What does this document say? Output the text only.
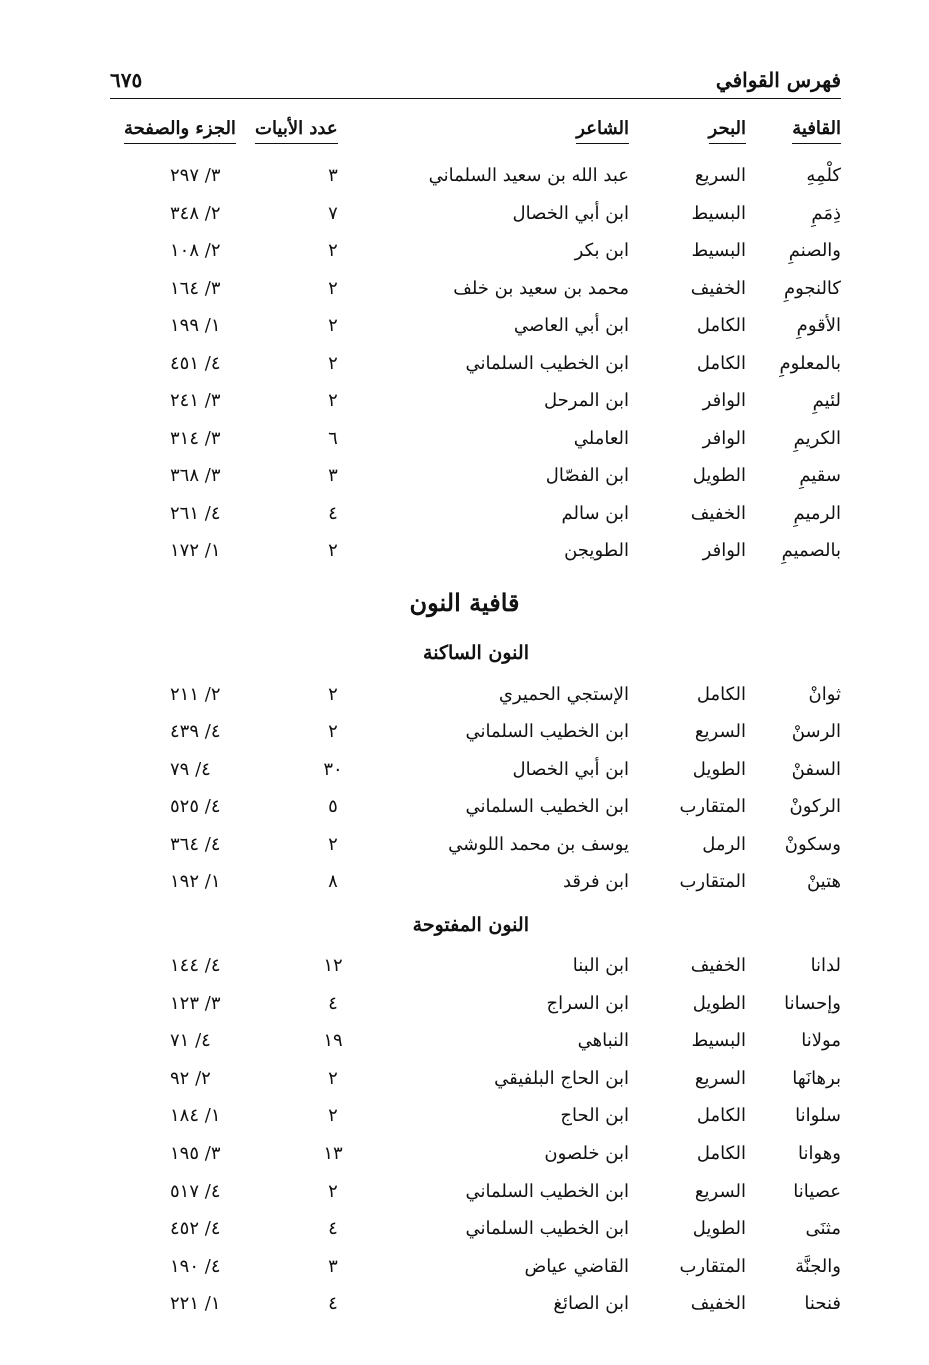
فهرس القوافي
٦٧٥
القافية
البحر
الشاعر
عدد الأبيات
الجزء والصفحة
كلْمِهِ
السريع
عبد الله بن سعيد السلماني
٣
٣/ ٢٩٧
ذِمَمِ
البسيط
ابن أبي الخصال
٧
٢/ ٣٤٨
والصنمِ
البسيط
ابن بكر
٢
٢/ ١٠٨
كالنجومِ
الخفيف
محمد بن سعيد بن خلف
٢
٣/ ١٦٤
الأقومِ
الكامل
ابن أبي العاصي
٢
١/ ١٩٩
بالمعلومِ
الكامل
ابن الخطيب السلماني
٢
٤/ ٤٥١
لئيمِ
الوافر
ابن المرحل
٢
٣/ ٢٤١
الكريمِ
الوافر
العاملي
٦
٣/ ٣١٤
سقيمِ
الطويل
ابن الفصّال
٣
٣/ ٣٦٨
الرميمِ
الخفيف
ابن سالم
٤
٤/ ٢٦١
بالصميمِ
الوافر
الطويجن
٢
١/ ١٧٢
قافية النون
النون الساكنة
ثوانْ
الكامل
الإستجي الحميري
٢
٢/ ٢١١
الرسنْ
السريع
ابن الخطيب السلماني
٢
٤/ ٤٣٩
السفنْ
الطويل
ابن أبي الخصال
٣٠
٤/ ٧٩
الركونْ
المتقارب
ابن الخطيب السلماني
٥
٤/ ٥٢٥
وسكونْ
الرمل
يوسف بن محمد اللوشي
٢
٤/ ٣٦٤
هتينْ
المتقارب
ابن فرقد
٨
١/ ١٩٢
النون المفتوحة
لدانا
الخفيف
ابن البنا
١٢
٤/ ١٤٤
وإحسانا
الطويل
ابن السراج
٤
٣/ ١٢٣
مولانا
البسيط
النباهي
١٩
٤/ ٧١
برهانَها
السريع
ابن الحاج البلفيقي
٢
٢/ ٩٢
سلوانا
الكامل
ابن الحاج
٢
١/ ١٨٤
وهوانا
الكامل
ابن خلصون
١٣
٣/ ١٩٥
عصيانا
السريع
ابن الخطيب السلماني
٢
٤/ ٥١٧
مثنَى
الطويل
ابن الخطيب السلماني
٤
٤/ ٤٥٢
والجنَّة
المتقارب
القاضي عياض
٣
٤/ ١٩٠
فنحنا
الخفيف
ابن الصائغ
٤
١/ ٢٢١
